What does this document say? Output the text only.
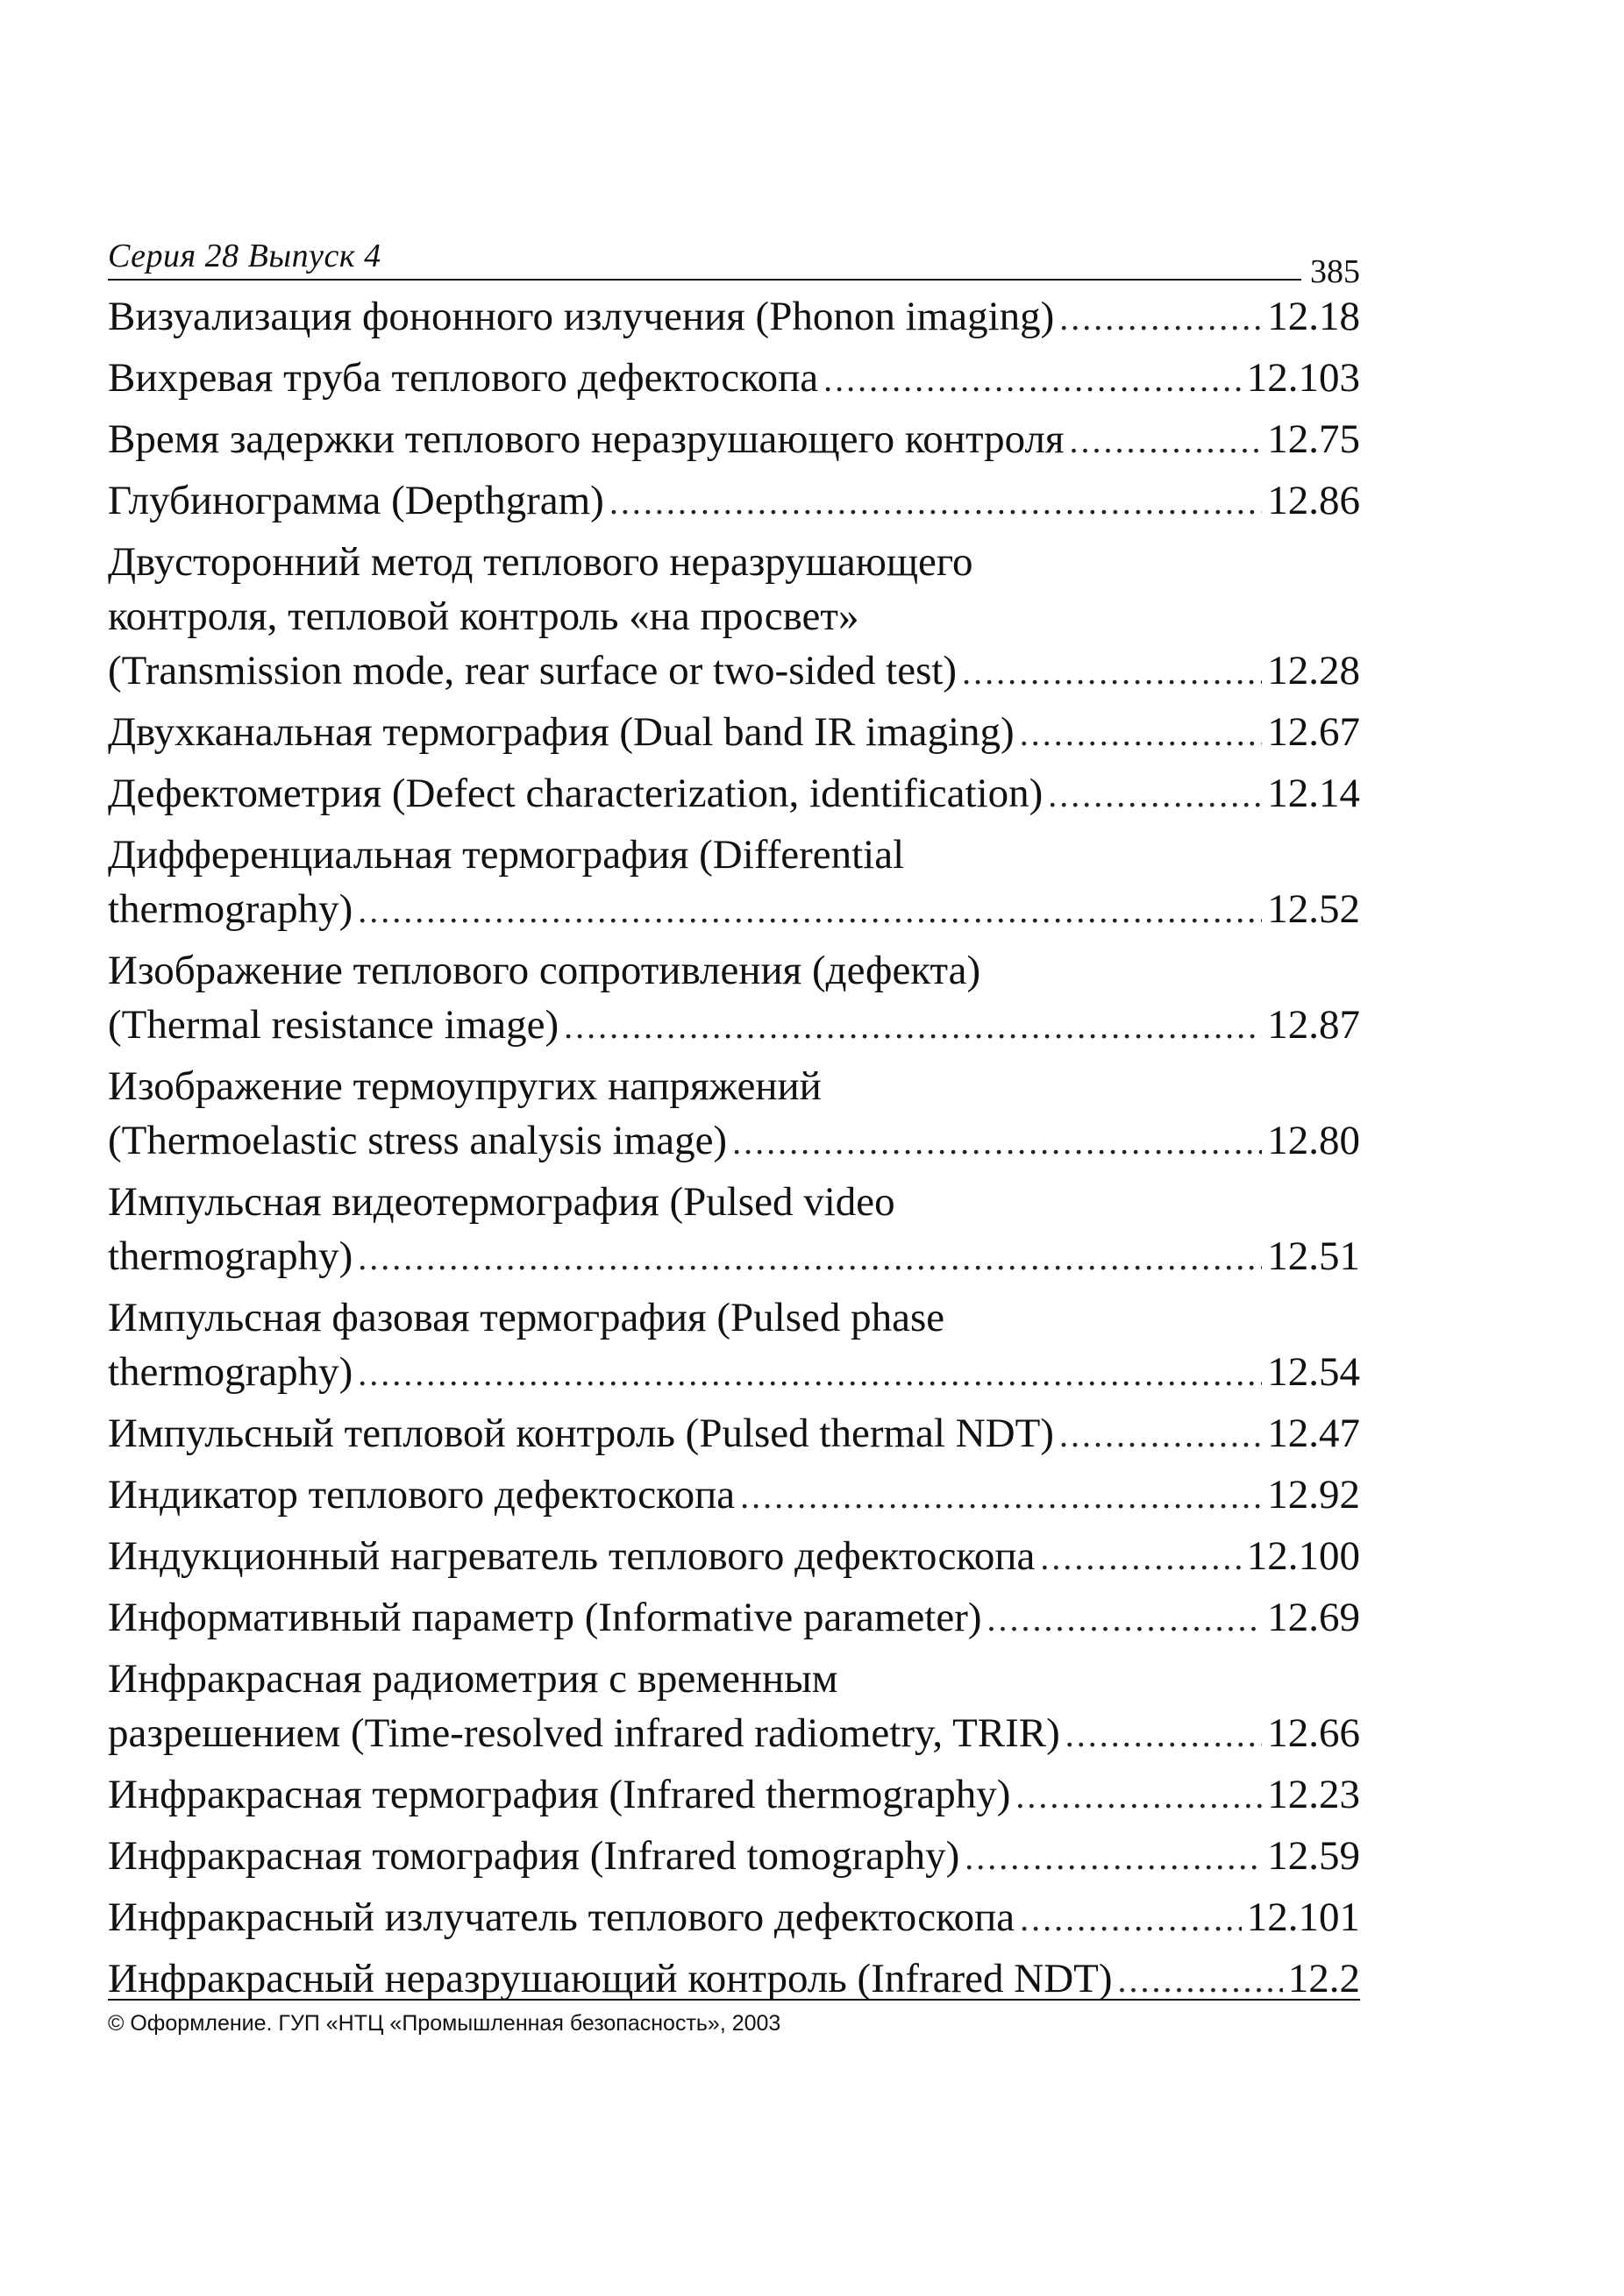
Серия 28 Выпуск 4	385
Визуализация фононного излучения (Phonon imaging) .....	12.18
Вихревая труба теплового дефектоскопа .....	12.103
Время задержки теплового неразрушающего контроля .....	12.75
Глубинограмма (Depthgram) .....	12.86
Двусторонний метод теплового неразрушающего
контроля, тепловой контроль «на просвет»
(Transmission mode, rear surface or two-sided test) .....	12.28
Двухканальная термография (Dual band IR imaging) .....	12.67
Дефектометрия (Defect characterization, identification) .....	12.14
Дифференциальная термография (Differential
thermography) .....	12.52
Изображение теплового сопротивления (дефекта)
(Thermal resistance image) .....	12.87
Изображение термоупругих напряжений
(Thermoelastic stress analysis image) .....	12.80
Импульсная видеотермография (Pulsed video
thermography) .....	12.51
Импульсная фазовая термография (Pulsed phase
thermography) .....	12.54
Импульсный тепловой контроль (Pulsed thermal NDT) .....	12.47
Индикатор теплового дефектоскопа .....	12.92
Индукционный нагреватель теплового дефектоскопа .....	12.100
Информативный параметр (Informative parameter) .....	12.69
Инфракрасная радиометрия с временным
разрешением (Time-resolved infrared radiometry, TRIR) .....	12.66
Инфракрасная термография (Infrared thermography) .....	12.23
Инфракрасная томография (Infrared tomography) .....	12.59
Инфракрасный излучатель теплового дефектоскопа .....	12.101
Инфракрасный неразрушающий контроль (Infrared NDT) .....	12.2
© Оформление. ГУП «НТЦ «Промышленная безопасность», 2003
